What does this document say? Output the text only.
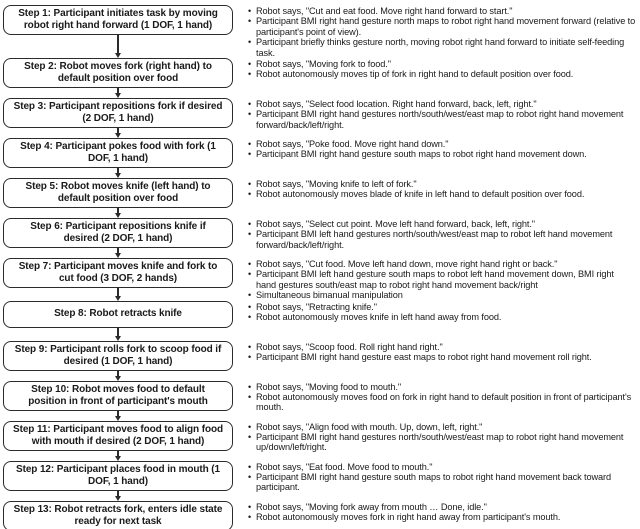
Step 1: Participant initiates task by moving robot right hand forward (1 DOF, 1 hand)
• Robot says, "Cut and eat food. Move right hand forward to start."
• Participant BMI right hand gesture north maps to robot right hand movement forward (relative to participant's point of view).
• Participant briefly thinks gesture north, moving robot right hand forward to initiate self-feeding task.
Step 2: Robot moves fork (right hand) to default position over food
• Robot says, "Moving fork to food."
• Robot autonomously moves tip of fork in right hand to default position over food.
Step 3: Participant repositions fork if desired (2 DOF, 1 hand)
• Robot says, "Select food location. Right hand forward, back, left, right."
• Participant BMI right hand gestures north/south/west/east map to robot right hand movement forward/back/left/right.
Step 4: Participant pokes food with fork (1 DOF, 1 hand)
• Robot says, "Poke food. Move right hand down."
• Participant BMI right hand gesture south maps to robot right hand movement down.
Step 5: Robot moves knife (left hand) to default position over food
• Robot says, "Moving knife to left of fork."
• Robot autonomously moves blade of knife in left hand to default position over food.
Step 6: Participant repositions knife if desired (2 DOF, 1 hand)
• Robot says, "Select cut point. Move left hand forward, back, left, right."
• Participant BMI left hand gestures north/south/west/east map to robot left hand movement forward/back/left/right.
Step 7: Participant moves knife and fork to cut food (3 DOF, 2 hands)
• Robot says, "Cut food. Move left hand down, move right hand right or back."
• Participant BMI left hand gesture south maps to robot left hand movement down, BMI right hand gestures south/east map to robot right hand movement back/right
• Simultaneous bimanual manipulation
Step 8: Robot retracts knife
• Robot says, "Retracting knife."
• Robot autonomously moves knife in left hand away from food.
Step 9: Participant rolls fork to scoop food if desired (1 DOF, 1 hand)
• Robot says, "Scoop food. Roll right hand right."
• Participant BMI right hand gesture east maps to robot right hand movement roll right.
Step 10: Robot moves food to default position in front of participant's mouth
• Robot says, "Moving food to mouth."
• Robot autonomously moves food on fork in right hand to default position in front of participant's mouth.
Step 11: Participant moves food to align food with mouth if desired (2 DOF, 1 hand)
• Robot says, "Align food with mouth. Up, down, left, right."
• Participant BMI right hand gestures north/south/west/east map to robot right hand movement up/down/left/right.
Step 12: Participant places food in mouth (1 DOF, 1 hand)
• Robot says, "Eat food. Move food to mouth."
• Participant BMI right hand gesture south maps to robot right hand movement back toward participant.
Step 13: Robot retracts fork, enters idle state ready for next task
• Robot says, "Moving fork away from mouth … Done, idle."
• Robot autonomously moves fork in right hand away from participant's mouth.
